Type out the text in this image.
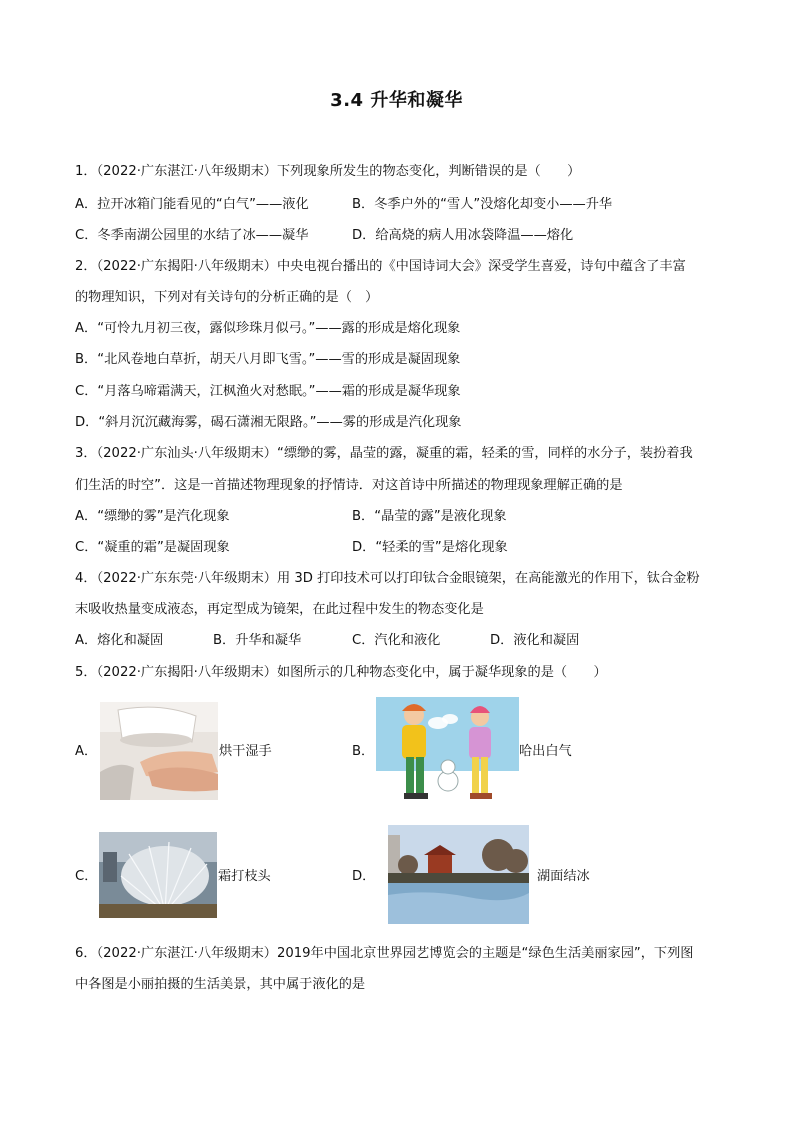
3.4 升华和凝华
1．（2022·广东湛江·八年级期末）下列现象所发生的物态变化，判断错误的是（　　）
A．拉开冰箱门能看见的“白气”——液化	B．冬季户外的“雪人”没熔化却变小——升华
C．冬季南湖公园里的水结了冰——凝华	D．给高烧的病人用冰袋降温——熔化
2．（2022·广东揭阳·八年级期末）中央电视台播出的《中国诗词大会》深受学生喜爱，诗句中蕴含了丰富
的物理知识，下列对有关诗句的分析正确的是（　）
A．“可怜九月初三夜，露似珍珠月似弓。”——露的形成是熔化现象
B．“北风卷地白草折，胡天八月即飞雪。”——雪的形成是凝固现象
C．“月落乌啼霜满天，江枫渔火对愁眠。”——霜的形成是凝华现象
D．“斜月沉沉藏海雾，碣石潇湘无限路。”——雾的形成是汽化现象
3．（2022·广东汕头·八年级期末）“缥缈的雾，晶莹的露，凝重的霜，轻柔的雪，同样的水分子，装扮着我
们生活的时空”．这是一首描述物理现象的抒情诗．对这首诗中所描述的物理现象理解正确的是
A．“缥缈的雾”是汽化现象	B．“晶莹的露”是液化现象
C．“凝重的霜”是凝固现象	D．“轻柔的雪”是熔化现象
4．（2022·广东东莞·八年级期末）用 3D 打印技术可以打印钛合金眼镜架，在高能激光的作用下，钛合金粉
末吸收热量变成液态，再定型成为镜架，在此过程中发生的物态变化是
A．熔化和凝固	B．升华和凝华	C．汽化和液化	D．液化和凝固
5．（2022·广东揭阳·八年级期末）如图所示的几种物态变化中，属于凝华现象的是（　　）
A．	烘干湿手	B．	哈出白气
C．	霜打枝头	D．	湖面结冰
6．（2022·广东湛江·八年级期末）2019年中国北京世界园艺博览会的主题是“绿色生活美丽家园”，下列图
中各图是小丽拍摄的生活美景，其中属于液化的是
